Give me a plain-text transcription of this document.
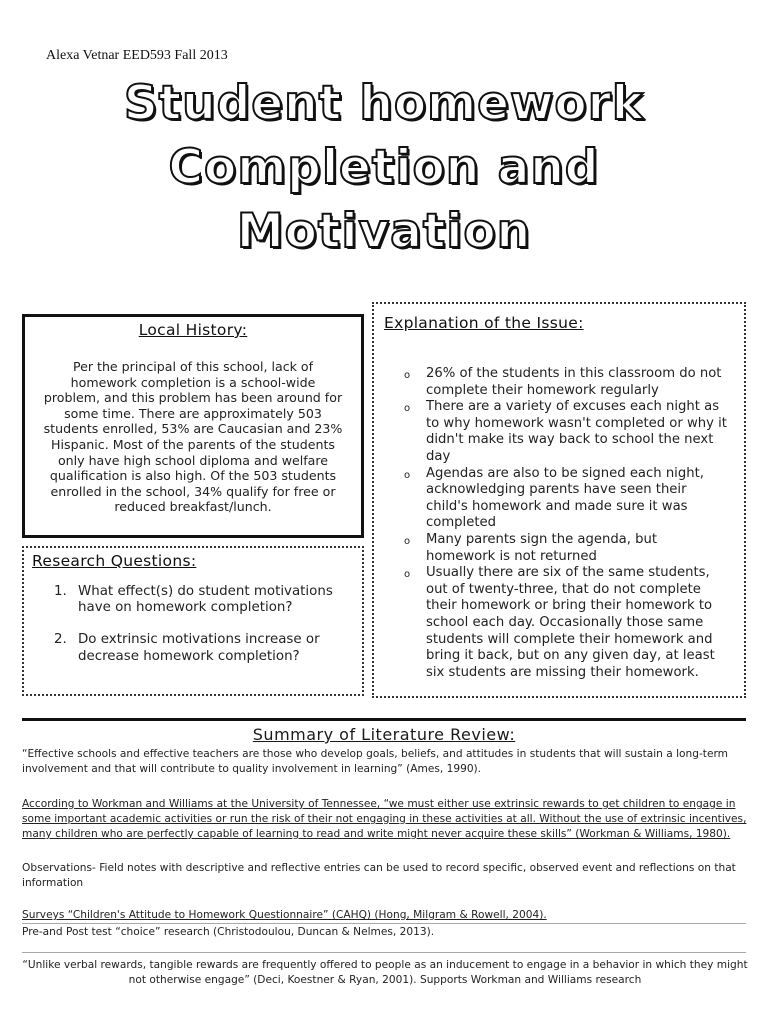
Alexa Vetnar EED593 Fall 2013
Student homework
Completion and
Motivation
Local History:
Per the principal of this school, lack of homework completion is a school-wide problem, and this problem has been around for some time. There are approximately 503 students enrolled, 53% are Caucasian and 23% Hispanic. Most of the parents of the students only have high school diploma and welfare qualification is also high. Of the 503 students enrolled in the school, 34% qualify for free or reduced breakfast/lunch.
Research Questions:
1. What effect(s) do student motivations have on homework completion?
2. Do extrinsic motivations increase or decrease homework completion?
Explanation of the Issue:
o	26% of the students in this classroom do not complete their homework regularly
o	There are a variety of excuses each night as to why homework wasn't completed or why it didn't make its way back to school the next day
o	Agendas are also to be signed each night, acknowledging parents have seen their child's homework and made sure it was completed
o	Many parents sign the agenda, but homework is not returned
o	Usually there are six of the same students, out of twenty-three, that do not complete their homework or bring their homework to school each day. Occasionally those same students will complete their homework and bring it back, but on any given day, at least six students are missing their homework.
Summary of Literature Review:
“Effective schools and effective teachers are those who develop goals, beliefs, and attitudes in students that will sustain a long-term involvement and that will contribute to quality involvement in learning” (Ames, 1990).
According to Workman and Williams at the University of Tennessee, “we must either use extrinsic rewards to get children to engage in some important academic activities or run the risk of their not engaging in these activities at all. Without the use of extrinsic incentives, many children who are perfectly capable of learning to read and write might never acquire these skills” (Workman & Williams, 1980).
Observations- Field notes with descriptive and reflective entries can be used to record specific, observed event and reflections on that information
Surveys “Children's Attitude to Homework Questionnaire” (CAHQ) (Hong, Milgram & Rowell, 2004).
Pre-and Post test “choice” research (Christodoulou, Duncan & Nelmes, 2013).
“Unlike verbal rewards, tangible rewards are frequently offered to people as an inducement to engage in a behavior in which they might not otherwise engage” (Deci, Koestner & Ryan, 2001). Supports Workman and Williams research
